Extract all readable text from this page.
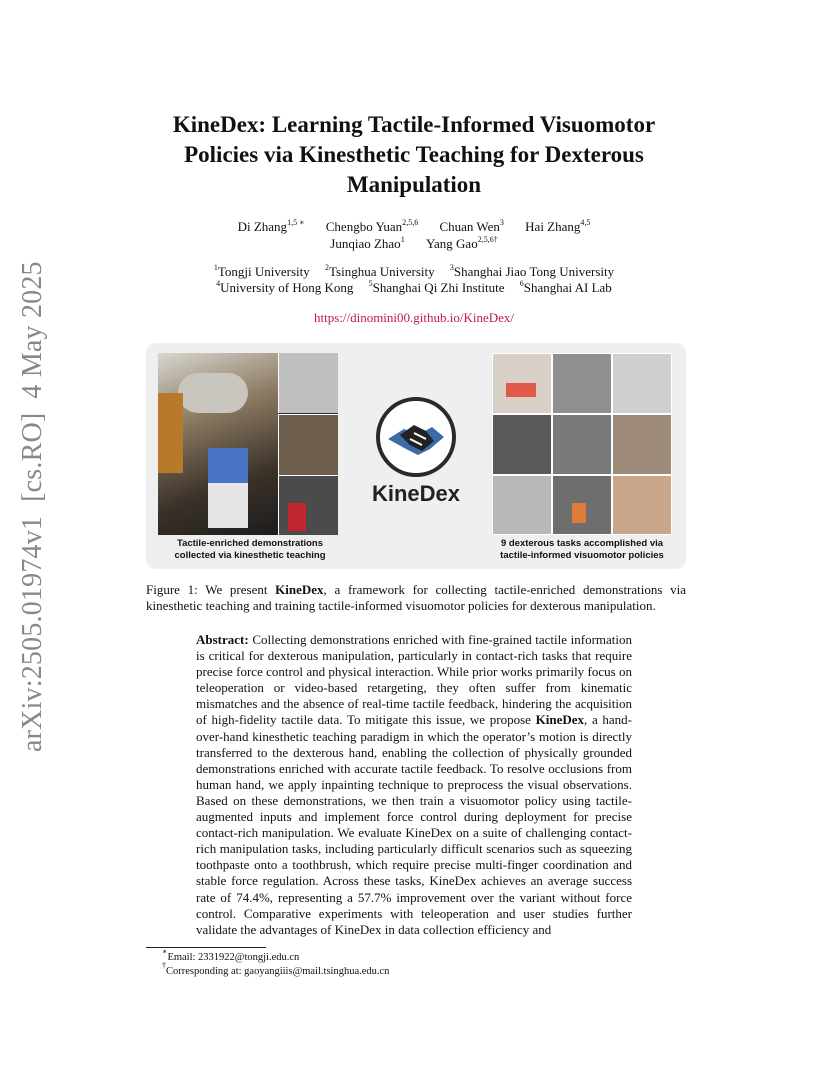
arXiv:2505.01974v1[cs.RO]4 May 2025
KineDex: Learning Tactile-Informed Visuomotor Policies via Kinesthetic Teaching for Dexterous Manipulation
Di Zhang$^{1,5 ∗}$ Chengbo Yuan$^{2,5,6}$ Chuan Wen$^3$ Hai Zhang$^{4,5}$
Junqiao Zhao$^1$ Yang Gao$^{2,5,6\dagger}$
$^1$Tongji University $^2$Tsinghua University $^3$Shanghai Jiao Tong University
$^4$University of Hong Kong $^5$Shanghai Qi Zhi Institute $^6$Shanghai AI Lab
https://dinomini00.github.io/KineDex/
Tactile-enriched demonstrations collected via kinesthetic teaching
KineDex
9 dexterous tasks accomplished via tactile-informed visuomotor policies
Figure 1: We present KineDex, a framework for collecting tactile-enriched demonstrations via kinesthetic teaching and training tactile-informed visuomotor policies for dexterous manipulation.
Abstract: Collecting demonstrations enriched with fine-grained tactile information is critical for dexterous manipulation, particularly in contact-rich tasks that require precise force control and physical interaction. While prior works primarily focus on teleoperation or video-based retargeting, they often suffer from kinematic mismatches and the absence of real-time tactile feedback, hindering the acquisition of high-fidelity tactile data. To mitigate this issue, we propose KineDex, a hand-over-hand kinesthetic teaching paradigm in which the operator’s motion is directly transferred to the dexterous hand, enabling the collection of physically grounded demonstrations enriched with accurate tactile feedback. To resolve occlusions from human hand, we apply inpainting technique to preprocess the visual observations. Based on these demonstrations, we then train a visuomotor policy using tactile-augmented inputs and implement force control during deployment for precise contact-rich manipulation. We evaluate KineDex on a suite of challenging contact-rich manipulation tasks, including particularly difficult scenarios such as squeezing toothpaste onto a toothbrush, which require precise multi-finger coordination and stable force regulation. Across these tasks, KineDex achieves an average success rate of 74.4%, representing a 57.7% improvement over the variant without force control. Comparative experiments with teleoperation and user studies further validate the advantages of KineDex in data collection efficiency and
∗Email: 2331922@tongji.edu.cn
†Corresponding at: gaoyangiiis@mail.tsinghua.edu.cn
